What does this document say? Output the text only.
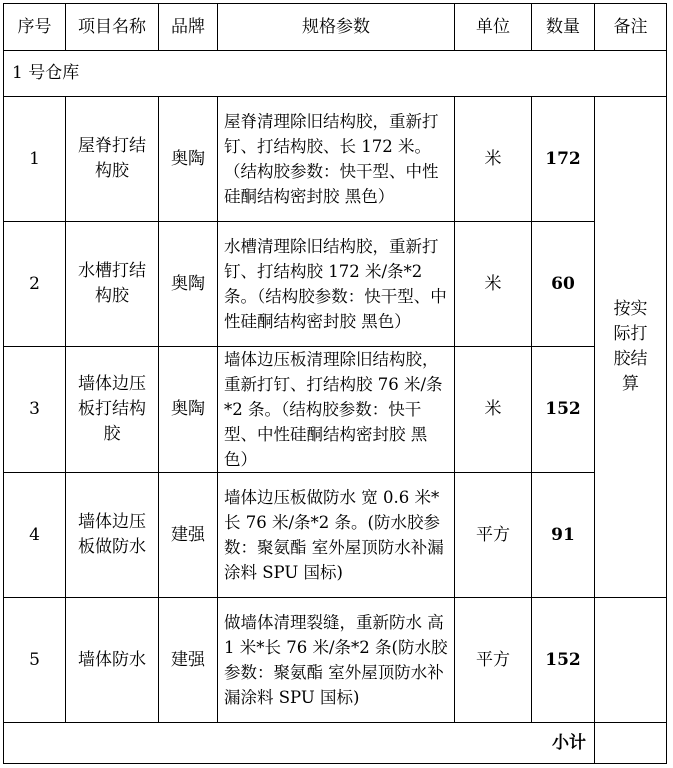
序号	项目名称	品牌	规格参数	单位	数量	备注
1 号仓库						
1	屋脊打结构胶	奥陶	屋脊清理除旧结构胶，重新打钉、打结构胶、长 172 米。（结构胶参数：快干型、中性硅酮结构密封胶 黑色）	米	172	按实际打胶结算
2	水槽打结构胶	奥陶	水槽清理除旧结构胶，重新打钉、打结构胶 172 米/条*2 条。（结构胶参数：快干型、中性硅酮结构密封胶 黑色）	米	60	
3	墙体边压板打结构胶	奥陶	墙体边压板清理除旧结构胶，重新打钉、打结构胶 76 米/条*2 条。（结构胶参数：快干型、中性硅酮结构密封胶 黑色）	米	152	
4	墙体边压板做防水	建强	墙体边压板做防水 宽 0.6 米*长 76 米/条*2 条。(防水胶参数：聚氨酯 室外屋顶防水补漏涂料 SPU 国标)	平方	91	
5	墙体防水	建强	做墙体清理裂缝，重新防水 高 1 米*长 76 米/条*2 条(防水胶参数：聚氨酯 室外屋顶防水补漏涂料 SPU 国标)	平方	152	
小计						
